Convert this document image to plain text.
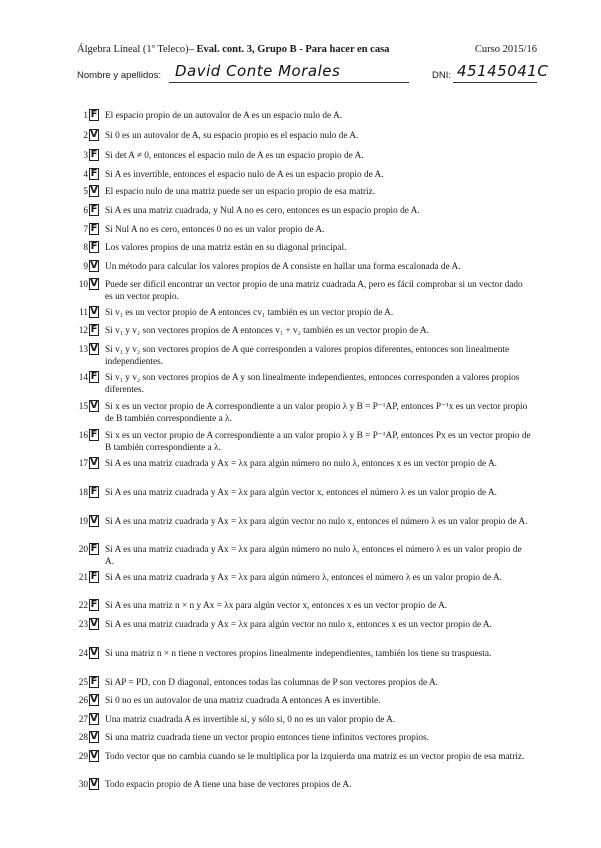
Álgebra Lineal (1º Teleco)– Eval. cont. 3, Grupo B - Para hacer en casa	Curso 2015/16
Nombre y apellidos: David Conte Morales	DNI: 45145041C
1 F El espacio propio de un autovalor de A es un espacio nulo de A.
2 V Si 0 es un autovalor de A, su espacio propio es el espacio nulo de A.
3 F Si det A ≠ 0, entonces el espacio nulo de A es un espacio propio de A.
4 F Si A es invertible, entonces el espacio nulo de A es un espacio propio de A.
5 V El espacio nulo de una matriz puede ser un espacio propio de esa matriz.
6 F Si A es una matriz cuadrada, y Nul A no es cero, entonces es un espacio propio de A.
7 F Si Nul A no es cero, entonces 0 no es un valor propio de A.
8 F Los valores propios de una matriz están en su diagonal principal.
9 V Un método para calcular los valores propios de A consiste en hallar una forma escalonada de A.
10 V Puede ser difícil encontrar un vector propio de una matriz cuadrada A, pero es fácil comprobar si un vector dado es un vector propio.
11 V Si v₁ es un vector propio de A entonces cv₁ también es un vector propio de A.
12 F Si v₁ y v₂ son vectores propios de A entonces v₁ + v₂ también es un vector propio de A.
13 V Si v₁ y v₂ son vectores propios de A que corresponden a valores propios diferentes, entonces son linealmente independientes.
14 F Si v₁ y v₂ son vectores propios de A y son linealmente independientes, entonces corresponden a valores propios diferentes.
15 V Si x es un vector propio de A correspondiente a un valor propio λ y B = P⁻¹AP, entonces P⁻¹x es un vector propio de B también correspondiente a λ.
16 F Si x es un vector propio de A correspondiente a un valor propio λ y B = P⁻¹AP, entonces Px es un vector propio de B también correspondiente a λ.
17 V Si A es una matriz cuadrada y Ax = λx para algún número no nulo λ, entonces x es un vector propio de A.
18 F Si A es una matriz cuadrada y Ax = λx para algún vector x, entonces el número λ es un valor propio de A.
19 V Si A es una matriz cuadrada y Ax = λx para algún vector no nulo x, entonces el número λ es un valor propio de A.
20 F Si A es una matriz cuadrada y Ax = λx para algún número no nulo λ, entonces el número λ es un valor propio de A.
21 F Si A es una matriz cuadrada y Ax = λx para algún número λ, entonces el número λ es un valor propio de A.
22 F Si A es una matriz n × n y Ax = λx para algún vector x, entonces x es un vector propio de A.
23 V Si A es una matriz cuadrada y Ax = λx para algún vector no nulo x, entonces x es un vector propio de A.
24 V Si una matriz n × n tiene n vectores propios linealmente independientes, también los tiene su traspuesta.
25 F Si AP = PD, con D diagonal, entonces todas las columnas de P son vectores propios de A.
26 V Si 0 no es un autovalor de una matriz cuadrada A entonces A es invertible.
27 V Una matriz cuadrada A es invertible si, y sólo si, 0 no es un valor propio de A.
28 V Si una matriz cuadrada tiene un vector propio entonces tiene infinitos vectores propios.
29 V Todo vector que no cambia cuando se le multiplica por la izquierda una matriz es un vector propio de esa matriz.
30 V Todo espacio propio de A tiene una base de vectores propios de A.
